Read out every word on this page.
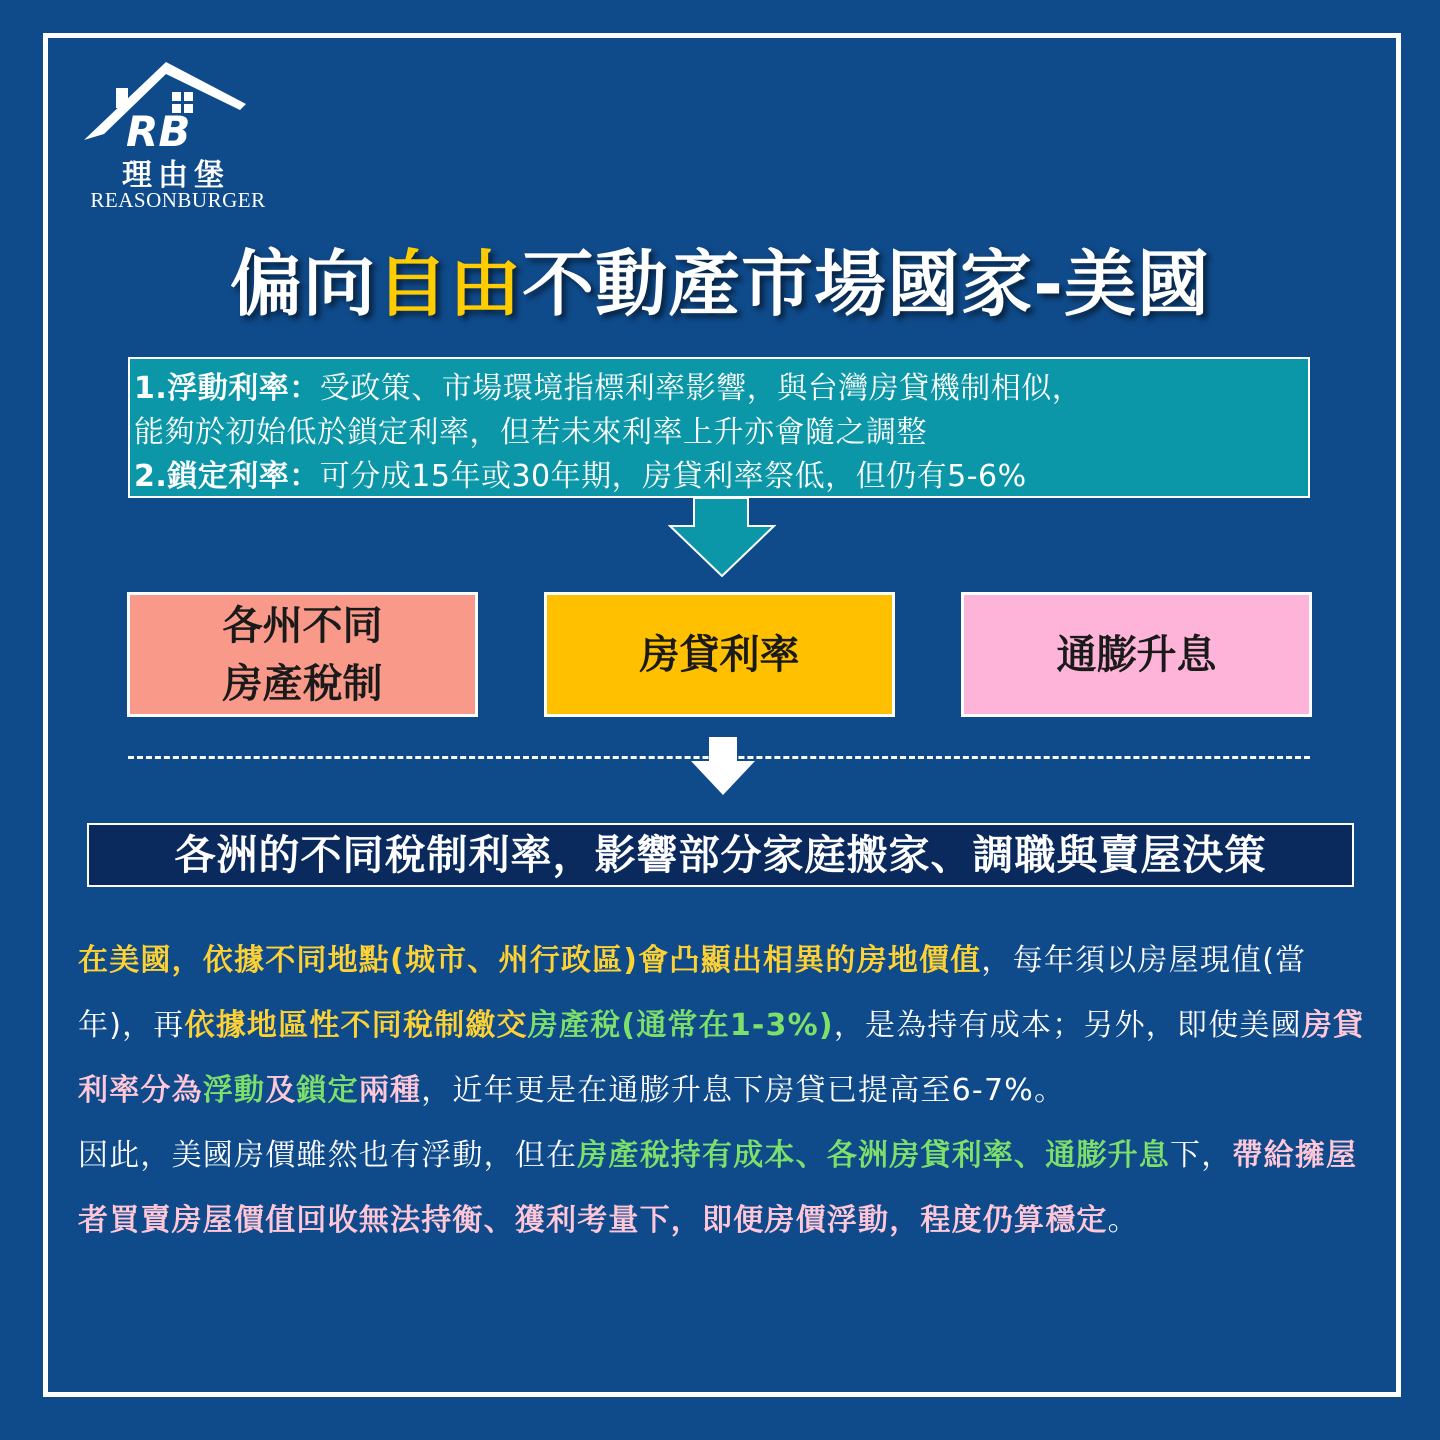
RB
理由堡
REASONBURGER
偏向自由不動產市場國家-美國
1.浮動利率：受政策、市場環境指標利率影響，與台灣房貸機制相似，
能夠於初始低於鎖定利率，但若未來利率上升亦會隨之調整
2.鎖定利率：可分成15年或30年期，房貸利率祭低，但仍有5-6%
各州不同
房產稅制
房貸利率	通膨升息
各洲的不同稅制利率，影響部分家庭搬家、調職與賣屋決策

在美國，依據不同地點(城市、州行政區)會凸顯出相異的房地價值，每年須以房屋現值(當年)，再依據地區性不同稅制繳交房產稅(通常在1-3%)，是為持有成本；另外，即使美國房貸利率分為浮動及鎖定兩種，近年更是在通膨升息下房貸已提高至6-7%。

因此，美國房價雖然也有浮動，但在房產稅持有成本、各洲房貸利率、通膨升息下，帶給擁屋者買賣房屋價值回收無法持衡、獲利考量下，即便房價浮動，程度仍算穩定。
